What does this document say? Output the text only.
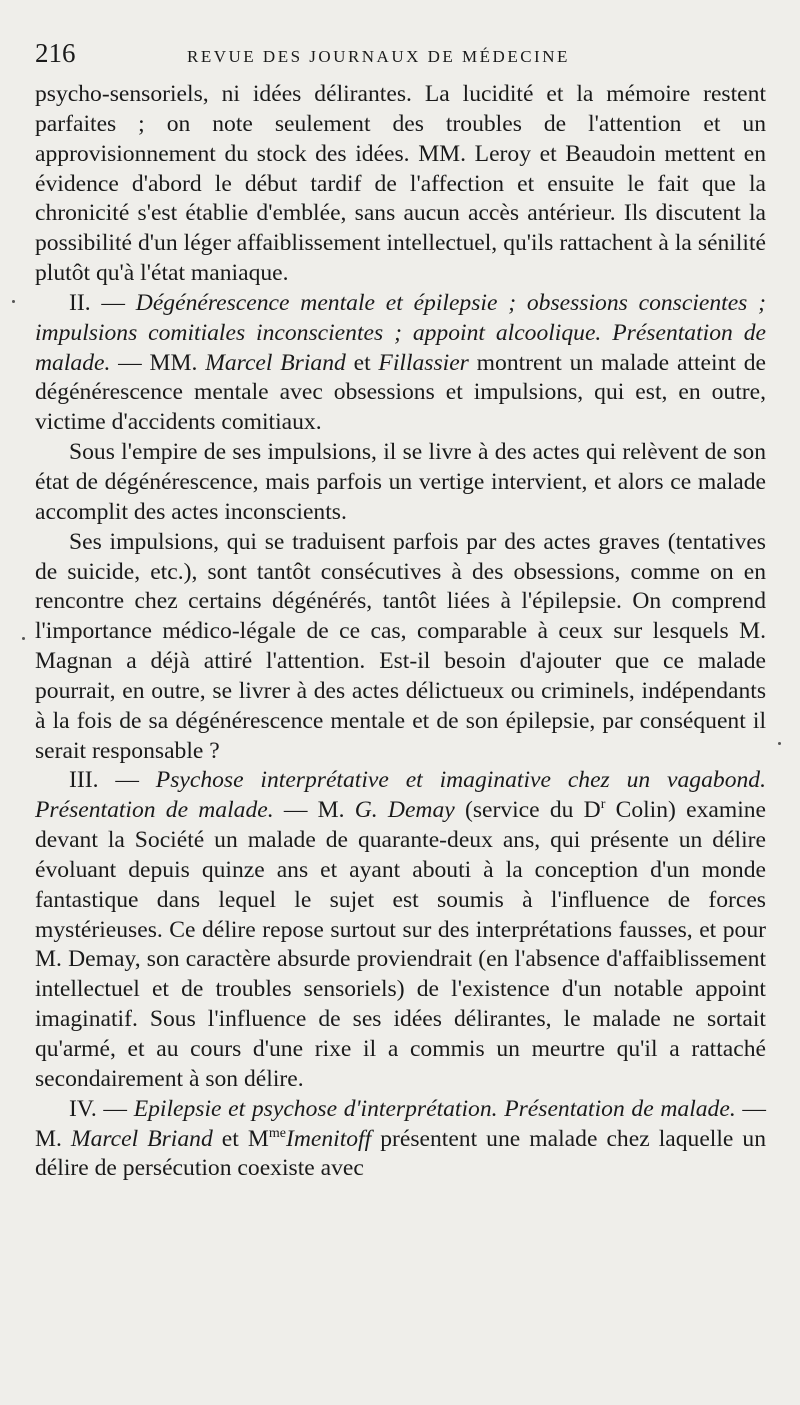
216	REVUE DES JOURNAUX DE MÉDECINE

psycho-sensoriels, ni idées délirantes. La lucidité et la mémoire restent parfaites ; on note seulement des troubles de l'attention et un approvisionnement du stock des idées. MM. Leroy et Beaudoin mettent en évidence d'abord le début tardif de l'affection et ensuite le fait que la chronicité s'est établie d'emblée, sans aucun accès antérieur. Ils discutent la possibilité d'un léger affaiblissement intellectuel, qu'ils rattachent à la sénilité plutôt qu'à l'état maniaque.

II. — Dégénérescence mentale et épilepsie ; obsessions conscientes ; impulsions comitiales inconscientes ; appoint alcoolique. Présentation de malade. — MM. Marcel Briand et Fillassier montrent un malade atteint de dégénérescence mentale avec obsessions et impulsions, qui est, en outre, victime d'accidents comitiaux.

Sous l'empire de ses impulsions, il se livre à des actes qui relèvent de son état de dégénérescence, mais parfois un vertige intervient, et alors ce malade accomplit des actes inconscients.

Ses impulsions, qui se traduisent parfois par des actes graves (tentatives de suicide, etc.), sont tantôt consécutives à des obsessions, comme on en rencontre chez certains dégénérés, tantôt liées à l'épilepsie. On comprend l'importance médico-légale de ce cas, comparable à ceux sur lesquels M. Magnan a déjà attiré l'attention. Est-il besoin d'ajouter que ce malade pourrait, en outre, se livrer à des actes délictueux ou criminels, indépendants à la fois de sa dégénérescence mentale et de son épilepsie, par conséquent il serait responsable ?

III. — Psychose interprétative et imaginative chez un vagabond. Présentation de malade. — M. G. Demay (service du $D^r$ Colin) examine devant la Société un malade de quarante-deux ans, qui présente un délire évoluant depuis quinze ans et ayant abouti à la conception d'un monde fantastique dans lequel le sujet est soumis à l'influence de forces mystérieuses. Ce délire repose surtout sur des interprétations fausses, et pour M. Demay, son caractère absurde proviendrait (en l'absence d'affaiblissement intellectuel et de troubles sensoriels) de l'existence d'un notable appoint imaginatif. Sous l'influence de ses idées délirantes, le malade ne sortait qu'armé, et au cours d'une rixe il a commis un meurtre qu'il a rattaché secondairement à son délire.

IV. — Epilepsie et psychose d'interprétation. Présentation de malade. — M. Marcel Briand et $M^{me}Imenitoff$ présentent une malade chez laquelle un délire de persécution coexiste avec
